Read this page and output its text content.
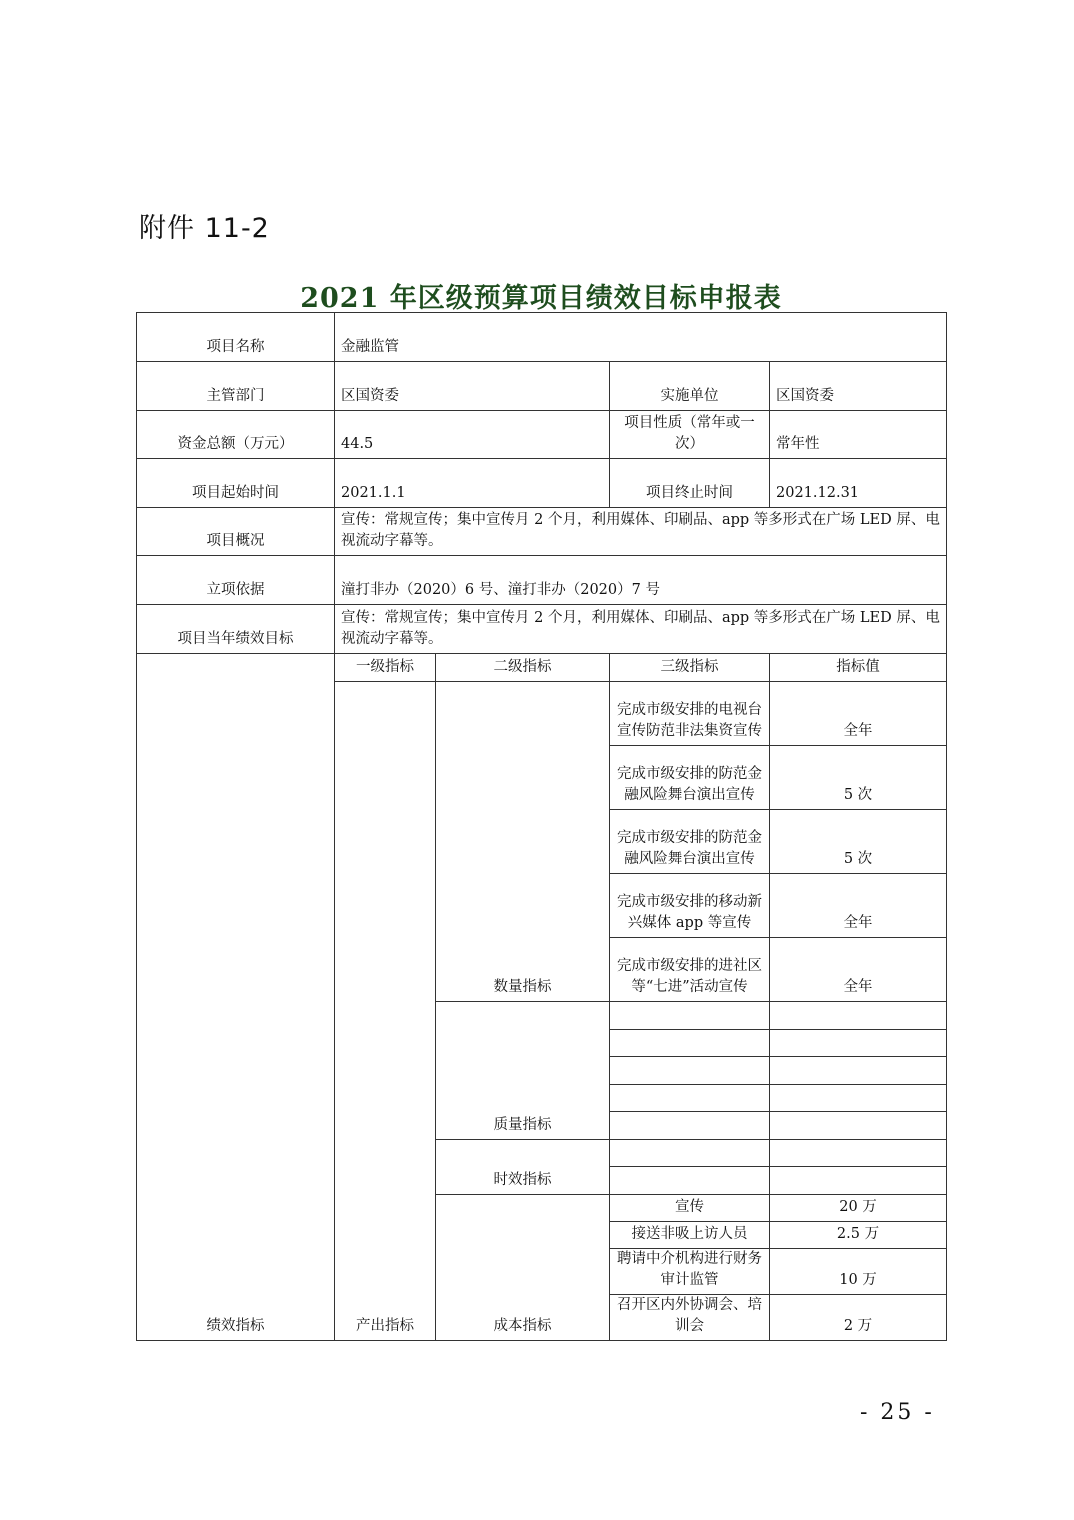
附件 11-2
2021 年区级预算项目绩效目标申报表
项目名称	金融监管			
主管部门	区国资委		实施单位	区国资委
资金总额（万元）	44.5		项目性质（常年或一次）	常年性
项目起始时间	2021.1.1		项目终止时间	2021.12.31
项目概况	宣传：常规宣传；集中宣传月 2 个月，利用媒体、印刷品、app 等多形式在广场 LED 屏、电视流动字幕等。			
立项依据	潼打非办（2020）6 号、潼打非办（2020）7 号			
项目当年绩效目标	宣传：常规宣传；集中宣传月 2 个月，利用媒体、印刷品、app 等多形式在广场 LED 屏、电视流动字幕等。			
绩效指标	一级指标	二级指标	三级指标	指标值
	产出指标	数量指标	完成市级安排的电视台宣传防范非法集资宣传	全年
			完成市级安排的防范金融风险舞台演出宣传	5 次
			完成市级安排的防范金融风险舞台演出宣传	5 次
			完成市级安排的移动新兴媒体 app 等宣传	全年
			完成市级安排的进社区等“七进”活动宣传	全年
		质量指标		

		时效指标		

		成本指标	宣传	20 万
			接送非吸上访人员	2.5 万
			聘请中介机构进行财务审计监管	10 万
			召开区内外协调会、培训会	2 万
- 25 -
